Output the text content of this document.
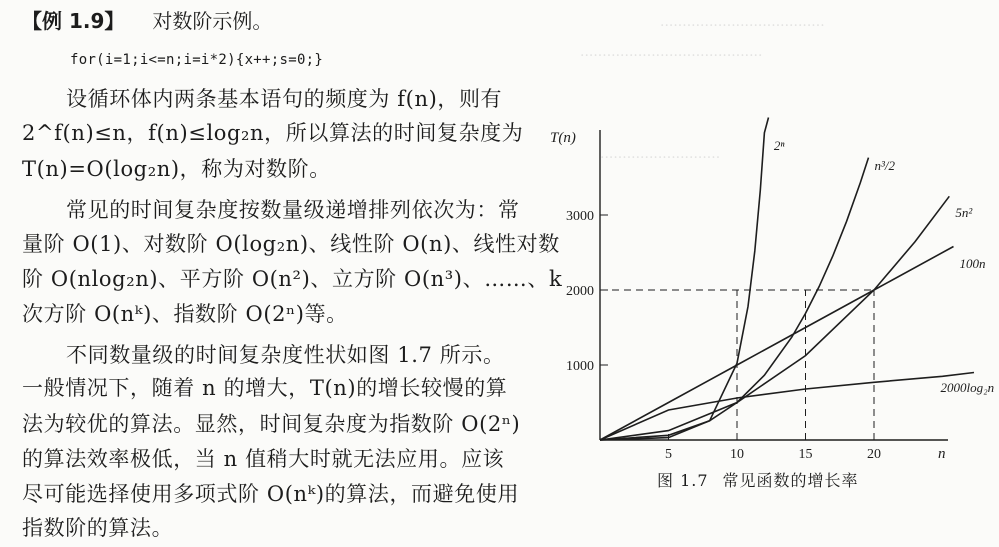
·····································
·········································
···························
【例 1.9】 对数阶示例。
for(i=1;i<=n;i=i*2){x++;s=0;}
设循环体内两条基本语句的频度为 f(n)，则有
2^f(n)≤n，f(n)≤log₂n，所以算法的时间复杂度为
T(n)=O(log₂n)，称为对数阶。
常见的时间复杂度按数量级递增排列依次为：常
量阶 O(1)、对数阶 O(log₂n)、线性阶 O(n)、线性对数
阶 O(nlog₂n)、平方阶 O(n²)、立方阶 O(n³)、……、k
次方阶 O(nᵏ)、指数阶 O(2ⁿ)等。
不同数量级的时间复杂度性状如图 1.7 所示。
一般情况下，随着 n 的增大，T(n)的增长较慢的算
法为较优的算法。显然，时间复杂度为指数阶 O(2ⁿ)
的算法效率极低，当 n 值稍大时就无法应用。应该
尽可能选择使用多项式阶 O(nᵏ)的算法，而避免使用
指数阶的算法。
1000
2000
3000
5	10	15	20
T(n)
n
2ⁿ
n³/2
5n²
100n
2000log₂n
图 1.7 常见函数的增长率
